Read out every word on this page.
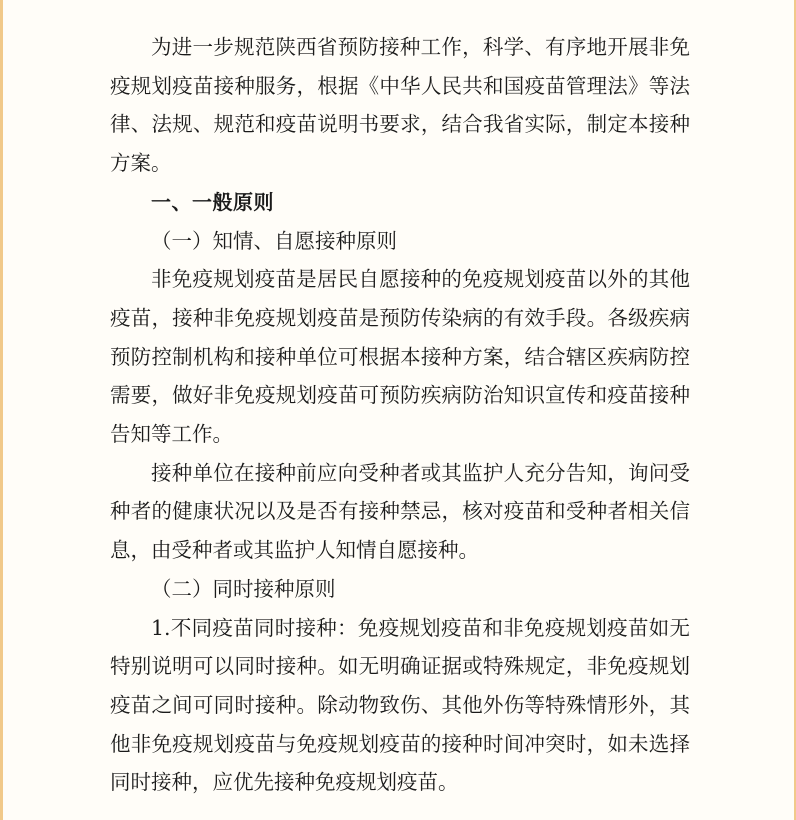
为进一步规范陕西省预防接种工作，科学、有序地开展非免疫规划疫苗接种服务，根据《中华人民共和国疫苗管理法》等法律、法规、规范和疫苗说明书要求，结合我省实际，制定本接种方案。

一、一般原则

（一）知情、自愿接种原则

非免疫规划疫苗是居民自愿接种的免疫规划疫苗以外的其他疫苗，接种非免疫规划疫苗是预防传染病的有效手段。各级疾病预防控制机构和接种单位可根据本接种方案，结合辖区疾病防控需要，做好非免疫规划疫苗可预防疾病防治知识宣传和疫苗接种告知等工作。

接种单位在接种前应向受种者或其监护人充分告知，询问受种者的健康状况以及是否有接种禁忌，核对疫苗和受种者相关信息，由受种者或其监护人知情自愿接种。

（二）同时接种原则

1.不同疫苗同时接种：免疫规划疫苗和非免疫规划疫苗如无特别说明可以同时接种。如无明确证据或特殊规定，非免疫规划疫苗之间可同时接种。除动物致伤、其他外伤等特殊情形外，其他非免疫规划疫苗与免疫规划疫苗的接种时间冲突时，如未选择同时接种，应优先接种免疫规划疫苗。
